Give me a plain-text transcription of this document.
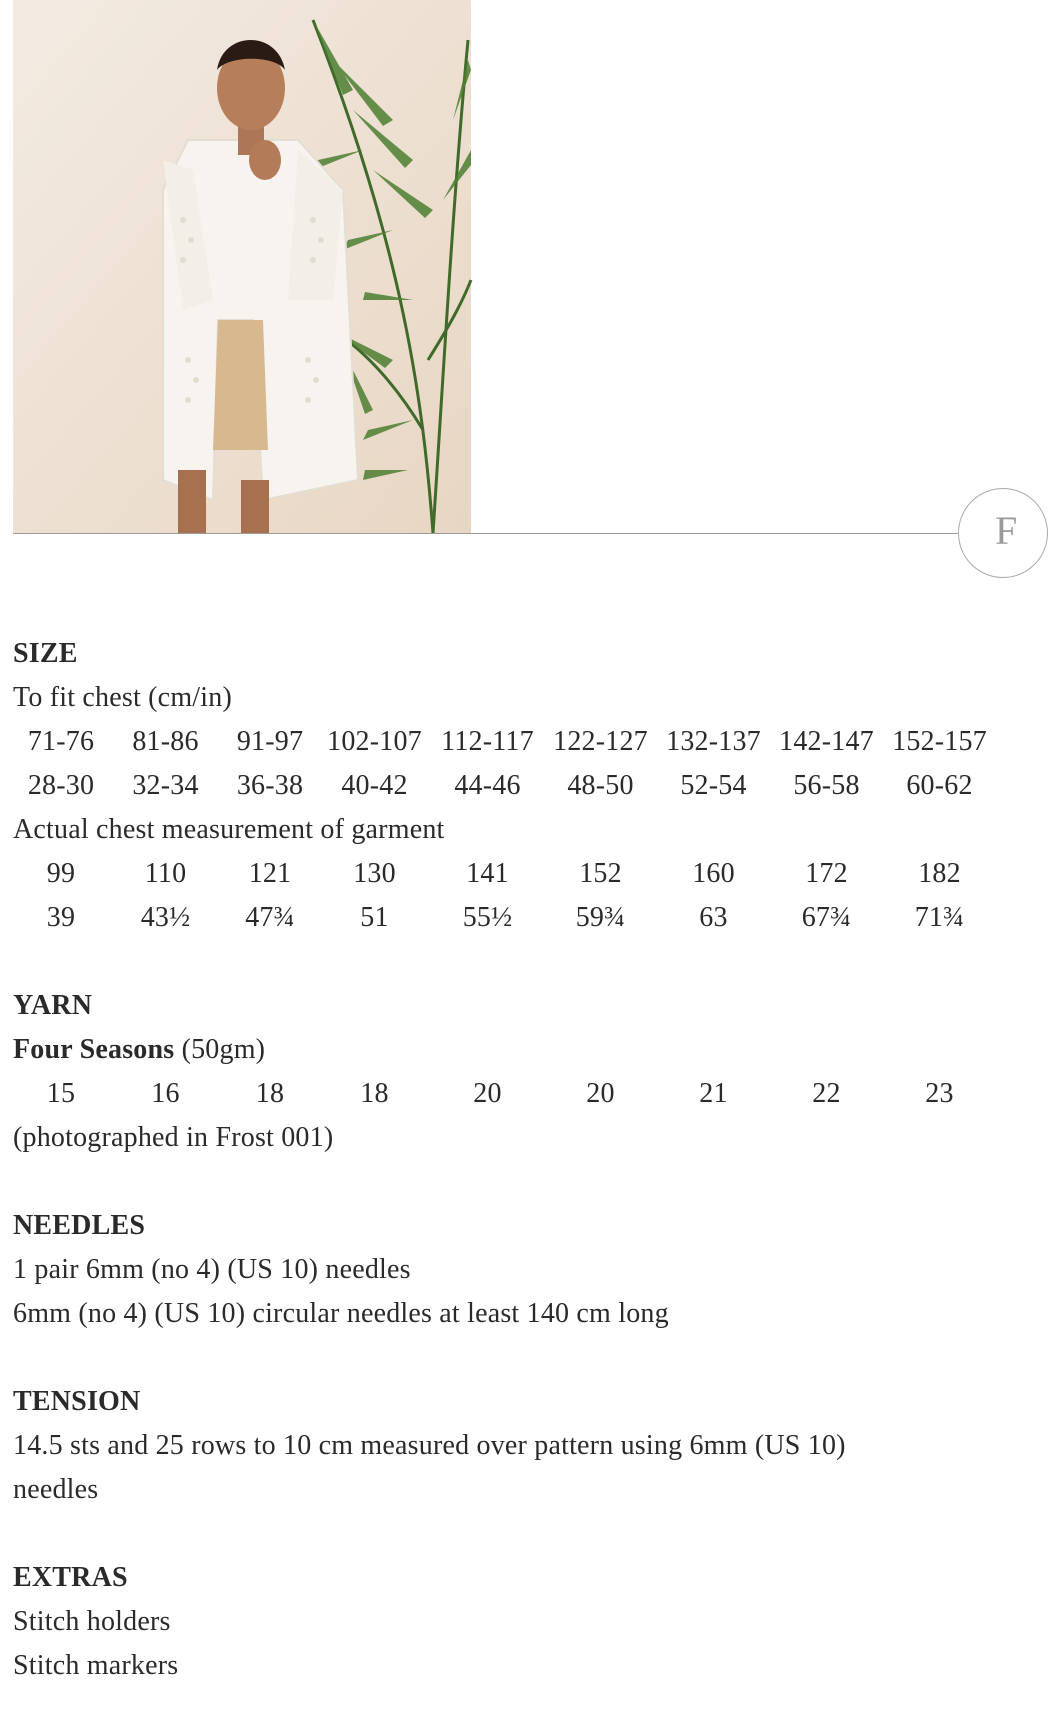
F
SIZE
To fit chest (cm/in)
71-76	81-86	91-97 102-107 112-117 122-127 132-137 142-147 152-157
28-30	32-34	36-38	40-42	44-46	48-50	52-54	56-58	60-62
Actual chest measurement of garment
99	110	121	130	141	152	160	172	182
39	43½	47¾	51	55½	59¾	63	67¾	71¾
YARN
Four Seasons (50gm)
15	16	18	18	20	20	21	22	23
(photographed in Frost 001)
NEEDLES
1 pair 6mm (no 4) (US 10) needles
6mm (no 4) (US 10) circular needles at least 140 cm long
TENSION
14.5 sts and 25 rows to 10 cm measured over pattern using 6mm (US 10)
needles
EXTRAS
Stitch holders
Stitch markers
